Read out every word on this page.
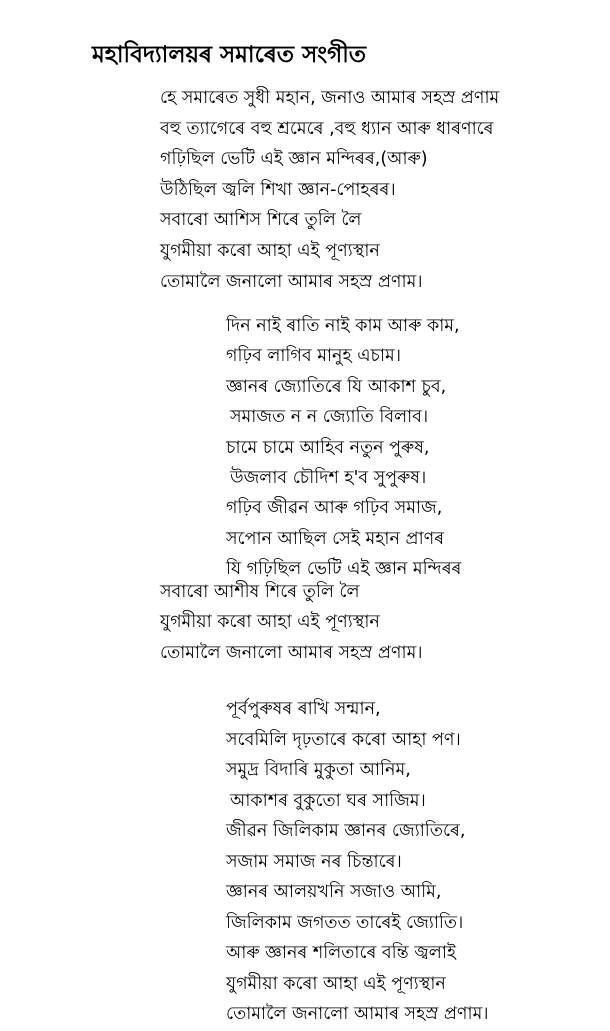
মহাবিদ্যালয়ৰ সমাৰেত সংগীত
হে সমাৰেত সুধী মহান, জনাও আমাৰ সহস্র প্রণাম
বহু ত্যাগেৰে বহু শ্রমেৰে ,বহু ধ্যান আৰু ধাৰণাৰে
গঢ়িছিল ভেটি এই জ্ঞান মন্দিৰৰ,(আৰু)
উঠিছিল জ্বলি শিখা জ্ঞান-পোহৰৰ।
সবাৰো আশিস শিৰে তুলি লৈ
যুগমীয়া কৰো আহা এই পূণ্যস্থান
তোমালৈ জনালো আমাৰ সহস্র প্রণাম।
দিন নাই ৰাতি নাই কাম আৰু কাম,
গঢ়িব লাগিব মানুহ এচাম।
জ্ঞানৰ জ্যোতিৰে যি আকাশ চুব,
সমাজত ন ন জ্যোতি বিলাব।
চামে চামে আহিব নতুন পুৰুষ,
উজলাব চৌদিশ হ'ব সুপুৰুষ।
গঢ়িব জীৱন আৰু গঢ়িব সমাজ,
সপোন আছিল সেই মহান প্রাণৰ
যি গঢ়িছিল ভেটি এই জ্ঞান মন্দিৰৰ
সবাৰো আশীষ শিৰে তুলি লৈ
যুগমীয়া কৰো আহা এই পূণ্যস্থান
তোমালৈ জনালো আমাৰ সহস্র প্রণাম।
পূর্বপুৰুষৰ ৰাখি সন্মান,
সবেমিলি দৃঢ়তাৰে কৰো আহা পণ।
সমুদ্র বিদাৰি মুকুতা আনিম,
আকাশৰ বুকুতো ঘৰ সাজিম।
জীৱন জিলিকাম জ্ঞানৰ জ্যোতিৰে,
সজাম সমাজ নৰ চিন্তাৰে।
জ্ঞানৰ আলয়খনি সজাও আমি,
জিলিকাম জগতত তাৰেই জ্যোতি।
আৰু জ্ঞানৰ শলিতাৰে বন্তি জ্বলাই
যুগমীয়া কৰো আহা এই পূণ্যস্থান
তোমালৈ জনালো আমাৰ সহস্র প্রণাম।
